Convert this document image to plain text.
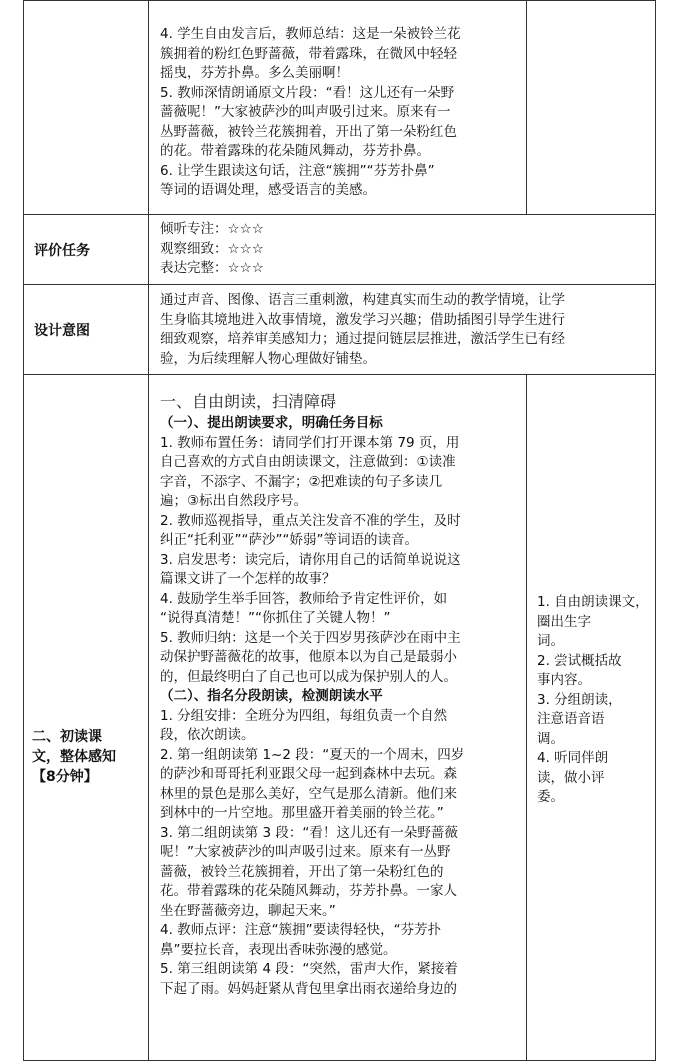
4. 学生自由发言后，教师总结：这是一朵被铃兰花
簇拥着的粉红色野蔷薇，带着露珠，在微风中轻轻
摇曳，芬芳扑鼻。多么美丽啊！
5. 教师深情朗诵原文片段：“看！这儿还有一朵野
蔷薇呢！”大家被萨沙的叫声吸引过来。原来有一
丛野蔷薇，被铃兰花簇拥着，开出了第一朵粉红色
的花。带着露珠的花朵随风舞动，芬芳扑鼻。
6. 让学生跟读这句话，注意“簇拥”“芬芳扑鼻”
等词的语调处理，感受语言的美感。
评价任务
倾听专注：☆☆☆
观察细致：☆☆☆
表达完整：☆☆☆
设计意图
通过声音、图像、语言三重刺激，构建真实而生动的教学情境，让学
生身临其境地进入故事情境，激发学习兴趣；借助插图引导学生进行
细致观察，培养审美感知力；通过提问链层层推进，激活学生已有经
验，为后续理解人物心理做好铺垫。
二、初读课
文，整体感知
【8分钟】
一、自由朗读，扫清障碍
（一）、提出朗读要求，明确任务目标
1. 教师布置任务：请同学们打开课本第 79 页，用
自己喜欢的方式自由朗读课文，注意做到：①读准
字音，不添字、不漏字；②把难读的句子多读几
遍；③标出自然段序号。
2. 教师巡视指导，重点关注发音不准的学生，及时
纠正“托利亚”“萨沙”“娇弱”等词语的读音。
3. 启发思考：读完后，请你用自己的话简单说说这
篇课文讲了一个怎样的故事？
4. 鼓励学生举手回答，教师给予肯定性评价，如
“说得真清楚！”“你抓住了关键人物！”
5. 教师归纳：这是一个关于四岁男孩萨沙在雨中主
动保护野蔷薇花的故事，他原本以为自己是最弱小
的，但最终明白了自己也可以成为保护别人的人。
（二）、指名分段朗读，检测朗读水平
1. 分组安排：全班分为四组，每组负责一个自然
段，依次朗读。
2. 第一组朗读第 1~2 段：“夏天的一个周末，四岁
的萨沙和哥哥托利亚跟父母一起到森林中去玩。森
林里的景色是那么美好，空气是那么清新。他们来
到林中的一片空地。那里盛开着美丽的铃兰花。”
3. 第二组朗读第 3 段：“看！这儿还有一朵野蔷薇
呢！”大家被萨沙的叫声吸引过来。原来有一丛野
蔷薇，被铃兰花簇拥着，开出了第一朵粉红色的
花。带着露珠的花朵随风舞动，芬芳扑鼻。一家人
坐在野蔷薇旁边，聊起天来。”
4. 教师点评：注意“簇拥”要读得轻快，“芬芳扑
鼻”要拉长音，表现出香味弥漫的感觉。
5. 第三组朗读第 4 段：“突然，雷声大作，紧接着
下起了雨。妈妈赶紧从背包里拿出雨衣递给身边的
1. 自由朗读课文，
圈出生字
词。
2. 尝试概括故
事内容。
3. 分组朗读，
注意语音语
调。
4. 听同伴朗
读，做小评
委。
